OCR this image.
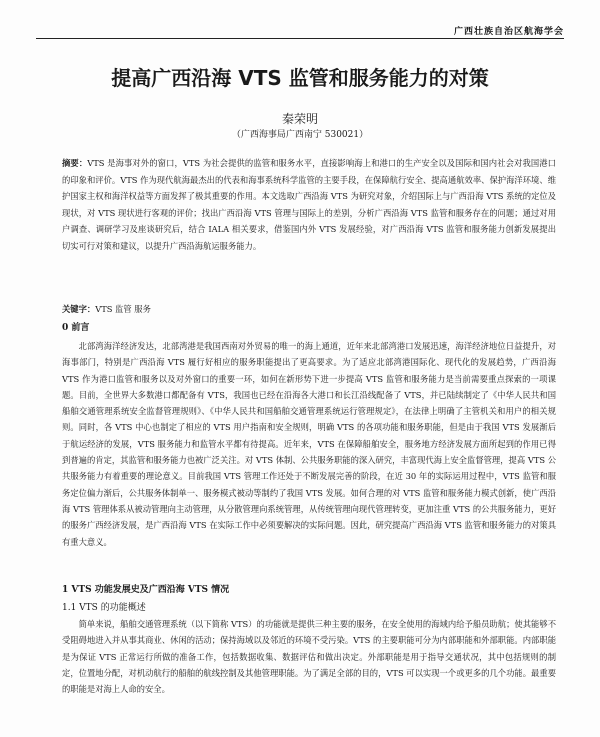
广西壮族自治区航海学会
提高广西沿海 VTS 监管和服务能力的对策
秦荣明
（广西海事局广西南宁 530021）
摘要：VTS 是海事对外的窗口，VTS 为社会提供的监管和服务水平，直接影响海上和港口的生产安全以及国际和国内社会对我国港口的印象和评价。VTS 作为现代航海最杰出的代表和海事系统科学监管的主要手段，在保障航行安全、提高通航效率、保护海洋环境、维护国家主权和海洋权益等方面发挥了极其重要的作用。本文选取广西沿海 VTS 为研究对象，介绍国际上与广西沿海 VTS 系统的定位及现状，对 VTS 现状进行客观的评价；找出广西沿海 VTS 管理与国际上的差别，分析广西沿海 VTS 监管和服务存在的问题；通过对用户调查、调研学习及座谈研究后，结合 IALA 相关要求，借鉴国内外 VTS 发展经验，对广西沿海 VTS 监管和服务能力创新发展提出切实可行对策和建议，以提升广西沿海航运服务能力。
关键字：VTS 监管 服务
0 前言
北部湾海洋经济发达，北部湾港是我国西南对外贸易的唯一的海上通道，近年来北部湾港口发展迅速，海洋经济地位日益提升，对海事部门，特别是广西沿海 VTS 履行好相应的服务职能提出了更高要求。为了适应北部湾港国际化、现代化的发展趋势，广西沿海 VTS 作为港口监管和服务以及对外窗口的重要一环，如何在新形势下进一步提高 VTS 监管和服务能力是当前需要重点探索的一项课题。目前，全世界大多数港口都配备有 VTS，我国也已经在沿海各大港口和长江沿线配备了 VTS，并已陆续制定了《中华人民共和国船舶交通管理系统安全监督管理规则》、《中华人民共和国船舶交通管理系统运行管理规定》，在法律上明确了主管机关和用户的相关规则。同时，各 VTS 中心也制定了相应的 VTS 用户指南和安全规则，明确 VTS 的各项功能和服务职能，但是由于我国 VTS 发展渐后于航运经济的发展，VTS 服务能力和监管水平都有待提高。近年来，VTS 在保障船舶安全，服务地方经济发展方面所起到的作用已得到普遍的肯定，其监管和服务能力也被广泛关注。对 VTS 体制、公共服务职能的深入研究，丰富现代海上安全监督管理，提高 VTS 公共服务能力有着重要的理论意义。目前我国 VTS 管理工作还处于不断发展完善的阶段，在近 30 年的实际运用过程中，VTS 监管和服务定位偏力渐后，公共服务体制单一、服务模式被动等制约了我国 VTS 发展。如何合理的对 VTS 监管和服务能力模式创新，使广西沿海 VTS 管理体系从被动管理向主动管理，从分散管理向系统管理，从传统管理向现代管理转变，更加注重 VTS 的公共服务能力，更好的服务广西经济发展，是广西沿海 VTS 在实际工作中必须要解决的实际问题。因此，研究提高广西沿海 VTS 监管和服务能力的对策具有重大意义。
1 VTS 功能发展史及广西沿海 VTS 情况
1.1 VTS 的功能概述
简单来说，船舶交通管理系统（以下简称 VTS）的功能就是提供三种主要的服务，在安全使用的海域内给予船员助航；使其能够不受阻碍地进入并从事其商业、休闲的活动；保持海域以及邻近的环境不受污染。VTS 的主要职能可分为内部职能和外部职能。内部职能是为保证 VTS 正常运行所做的准备工作，包括数据收集、数据评估和做出决定。外部职能是用于指导交通状况，其中包括规则的制定，位置地分配，对机动航行的船舶的航线控制及其他管理职能。为了满足全部的目的，VTS 可以实现一个或更多的几个功能。最重要的职能是对海上人命的安全。
